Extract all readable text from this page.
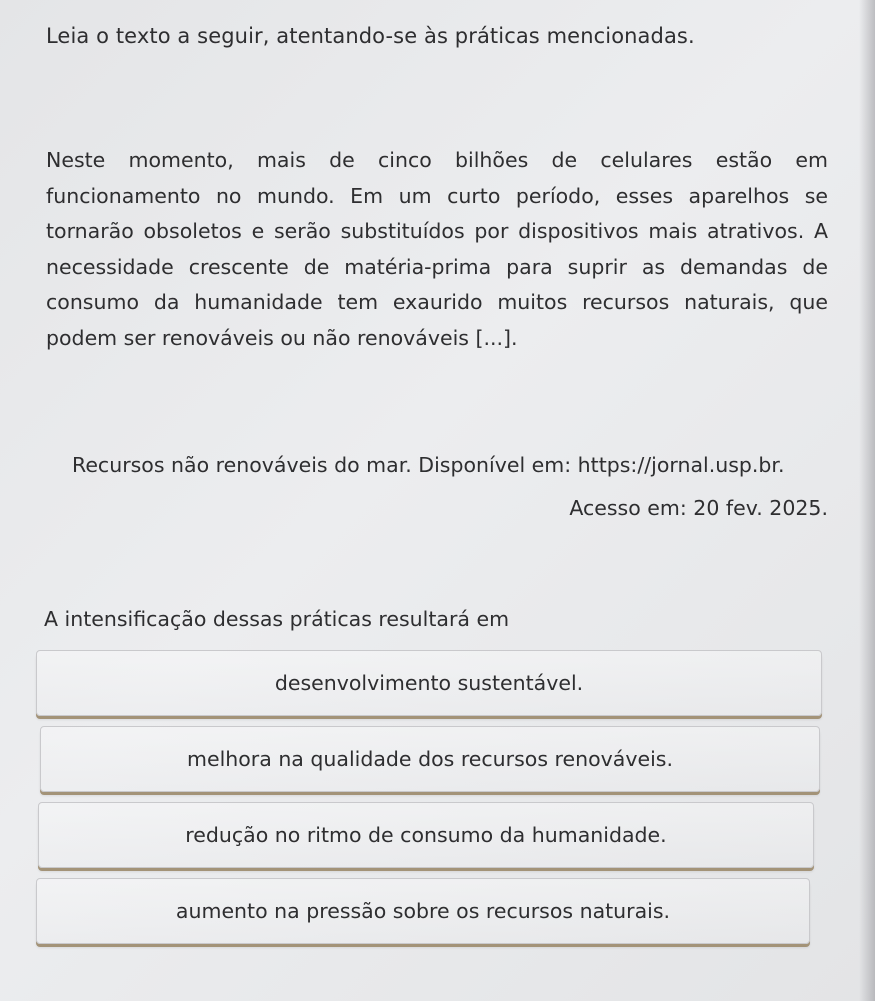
Leia o texto a seguir, atentando-se às práticas mencionadas.
Neste momento, mais de cinco bilhões de celulares estão em funcionamento no mundo. Em um curto período, esses aparelhos se tornarão obsoletos e serão substituídos por dispositivos mais atrativos. A necessidade crescente de matéria-prima para suprir as demandas de consumo da humanidade tem exaurido muitos recursos naturais, que podem ser renováveis ou não renováveis [...].
Recursos não renováveis do mar. Disponível em: https://jornal.usp.br.
Acesso em: 20 fev. 2025.
A intensificação dessas práticas resultará em
desenvolvimento sustentável.
melhora na qualidade dos recursos renováveis.
redução no ritmo de consumo da humanidade.
aumento na pressão sobre os recursos naturais.
